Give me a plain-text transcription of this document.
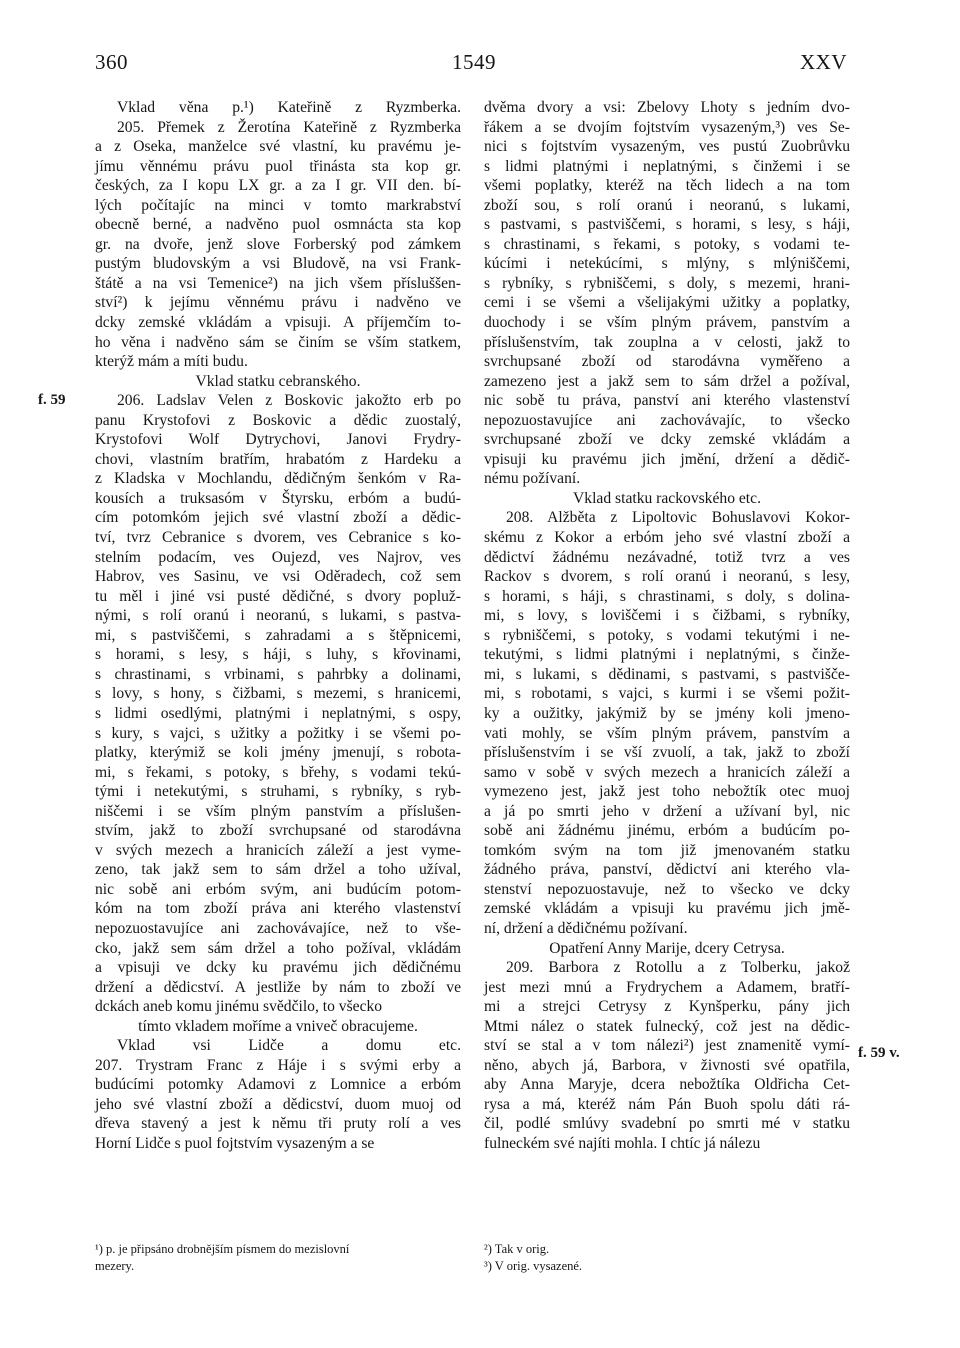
360	1549	XXV
f. 59
f. 59 v.
Vklad věna p.¹) Kateřině z Ryzmberka.
205. Přemek z Žerotína Kateřině z Ryzmberka
a z Oseka, manželce své vlastní, ku pravému je-
jímu věnnému právu puol třinásta sta kop gr.
českých, za I kopu LX gr. a za I gr. VII den. bí-
lých počítajíc na minci v tomto markrabství
obecně berné, a nadvěno puol osmnácta sta kop
gr. na dvoře, jenž slove Forberský pod zámkem
pustým bludovským a vsi Bludově, na vsi Frank-
štátě a na vsi Temenice²) na jich všem přísluššen-
ství²) k jejímu věnnému právu i nadvěno ve
dcky zemské vkládám a vpisuji. A příjemčím to-
ho věna i nadvěno sám se činím se vším statkem,
kterýž mám a míti budu.
Vklad statku cebranského.
206. Ladslav Velen z Boskovic jakožto erb po
panu Krystofovi z Boskovic a dědic zuostalý,
Krystofovi Wolf Dytrychovi, Janovi Frydry-
chovi, vlastním bratřím, hrabatóm z Hardeku a
z Kladska v Mochlandu, dědičným šenkóm v Ra-
kousích a truksasóm v Štyrsku, erbóm a budú-
cím potomkóm jejich své vlastní zboží a dědic-
tví, tvrz Cebranice s dvorem, ves Cebranice s ko-
stelním podacím, ves Oujezd, ves Najrov, ves
Habrov, ves Sasinu, ve vsi Oděradech, což sem
tu měl i jiné vsi pusté dědičné, s dvory popluž-
nými, s rolí oranú i neoranú, s lukami, s pastva-
mi, s pastviščemi, s zahradami a s štěpnicemi,
s horami, s lesy, s háji, s luhy, s křovinami,
s chrastinami, s vrbinami, s pahrbky a dolinami,
s lovy, s hony, s čižbami, s mezemi, s hranicemi,
s lidmi osedlými, platnými i neplatnými, s ospy,
s kury, s vajci, s užitky a požitky i se všemi po-
platky, kterýmiž se koli jmény jmenují, s robota-
mi, s řekami, s potoky, s břehy, s vodami tekú-
tými i netekutými, s struhami, s rybníky, s ryb-
niščemi i se vším plným panstvím a příslušen-
stvím, jakž to zboží svrchupsané od starodávna
v svých mezech a hranicích záleží a jest vyme-
zeno, tak jakž sem to sám držel a toho užíval,
nic sobě ani erbóm svým, ani budúcím potom-
kóm na tom zboží práva ani kterého vlastenství
nepozuostavujíce ani zachovávajíce, než to vše-
cko, jakž sem sám držel a toho požíval, vkládám
a vpisuji ve dcky ku pravému jich dědičnému
držení a dědicství. A jestliže by nám to zboží ve
dckách aneb komu jinému svědčilo, to všecko
tímto vkladem moříme a vniveč obracujeme.
Vklad vsi Lidče a domu etc.
207. Trystram Franc z Háje i s svými erby a
budúcími potomky Adamovi z Lomnice a erbóm
jeho své vlastní zboží a dědicství, duom muoj od
dřeva stavený a jest k němu tři pruty rolí a ves
Horní Lidče s puol fojtstvím vysazeným a se
dvěma dvory a vsi: Zbelovy Lhoty s jedním dvo-
řákem a se dvojím fojtstvím vysazeným,³) ves Se-
nici s fojtstvím vysazeným, ves pustú Zuobrůvku
s lidmi platnými i neplatnými, s činžemi i se
všemi poplatky, kteréž na těch lidech a na tom
zboží sou, s rolí oranú i neoranú, s lukami,
s pastvami, s pastviščemi, s horami, s lesy, s háji,
s chrastinami, s řekami, s potoky, s vodami te-
kúcími i netekúcími, s mlýny, s mlýniščemi,
s rybníky, s rybniščemi, s doly, s mezemi, hrani-
cemi i se všemi a všelijakými užitky a poplatky,
duochody i se vším plným právem, panstvím a
příslušenstvím, tak zouplna a v celosti, jakž to
svrchupsané zboží od starodávna vyměřeno a
zamezeno jest a jakž sem to sám držel a požíval,
nic sobě tu práva, panství ani kterého vlastenství
nepozuostavujíce ani zachovávajíc, to všecko
svrchupsané zboží ve dcky zemské vkládám a
vpisuji ku pravému jich jmění, držení a dědič-
nému požívaní.
Vklad statku rackovského etc.
208. Alžběta z Lipoltovic Bohuslavovi Kokor-
skému z Kokor a erbóm jeho své vlastní zboží a
dědictví žádnému nezávadné, totiž tvrz a ves
Rackov s dvorem, s rolí oranú i neoranú, s lesy,
s horami, s háji, s chrastinami, s doly, s dolina-
mi, s lovy, s loviščemi i s čižbami, s rybníky,
s rybniščemi, s potoky, s vodami tekutými i ne-
tekutými, s lidmi platnými i neplatnými, s činže-
mi, s lukami, s dědinami, s pastvami, s pastvišče-
mi, s robotami, s vajci, s kurmi i se všemi požit-
ky a oužitky, jakýmiž by se jmény koli jmeno-
vati mohly, se vším plným právem, panstvím a
příslušenstvím i se vší zvuolí, a tak, jakž to zboží
samo v sobě v svých mezech a hranicích záleží a
vymezeno jest, jakž jest toho nebožtík otec muoj
a já po smrti jeho v držení a užívaní byl, nic
sobě ani žádnému jinému, erbóm a budúcím po-
tomkóm svým na tom již jmenovaném statku
žádného práva, panství, dědictví ani kterého vla-
stenství nepozuostavuje, než to všecko ve dcky
zemské vkládám a vpisuji ku pravému jich jmě-
ní, držení a dědičnému požívaní.
Opatření Anny Marije, dcery Cetrysa.
209. Barbora z Rotollu a z Tolberku, jakož
jest mezi mnú a Frydrychem a Adamem, bratří-
mi a strejci Cetrysy z Kynšperku, pány jich
Mtmi nález o statek fulnecký, což jest na dědic-
ství se stal a v tom nálezi²) jest znamenitě vymí-
něno, abych já, Barbora, v živnosti své opatřila,
aby Anna Maryje, dcera nebožtíka Oldřicha Cet-
rysa a má, kteréž nám Pán Buoh spolu dáti rá-
čil, podlé smlúvy svadební po smrti mé v statku
fulneckém své najíti mohla. I chtíc já nálezu
¹) p. je připsáno drobnějším písmem do mezislovní
mezery.
²) Tak v orig.
³) V orig. vysazené.
